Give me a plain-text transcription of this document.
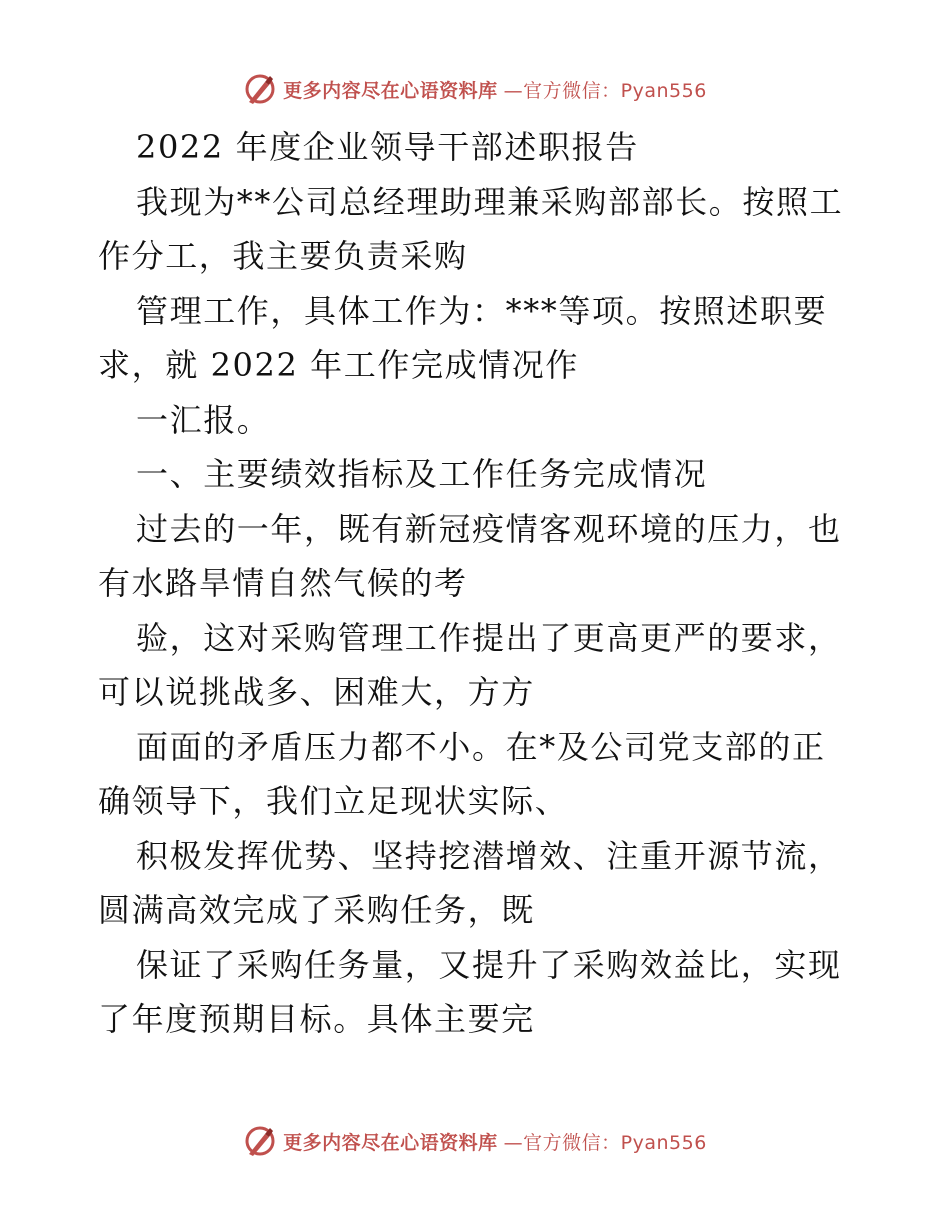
更多内容尽在心语资料库 —官方微信：Pyan556
2022 年度企业领导干部述职报告
我现为**公司总经理助理兼采购部部长。按照工
作分工，我主要负责采购
管理工作，具体工作为：***等项。按照述职要
求，就 2022 年工作完成情况作
一汇报。
一、主要绩效指标及工作任务完成情况
过去的一年，既有新冠疫情客观环境的压力，也
有水路旱情自然气候的考
验，这对采购管理工作提出了更高更严的要求，
可以说挑战多、困难大，方方
面面的矛盾压力都不小。在*及公司党支部的正
确领导下，我们立足现状实际、
积极发挥优势、坚持挖潜增效、注重开源节流，
圆满高效完成了采购任务，既
保证了采购任务量，又提升了采购效益比，实现
了年度预期目标。具体主要完
更多内容尽在心语资料库 —官方微信：Pyan556
